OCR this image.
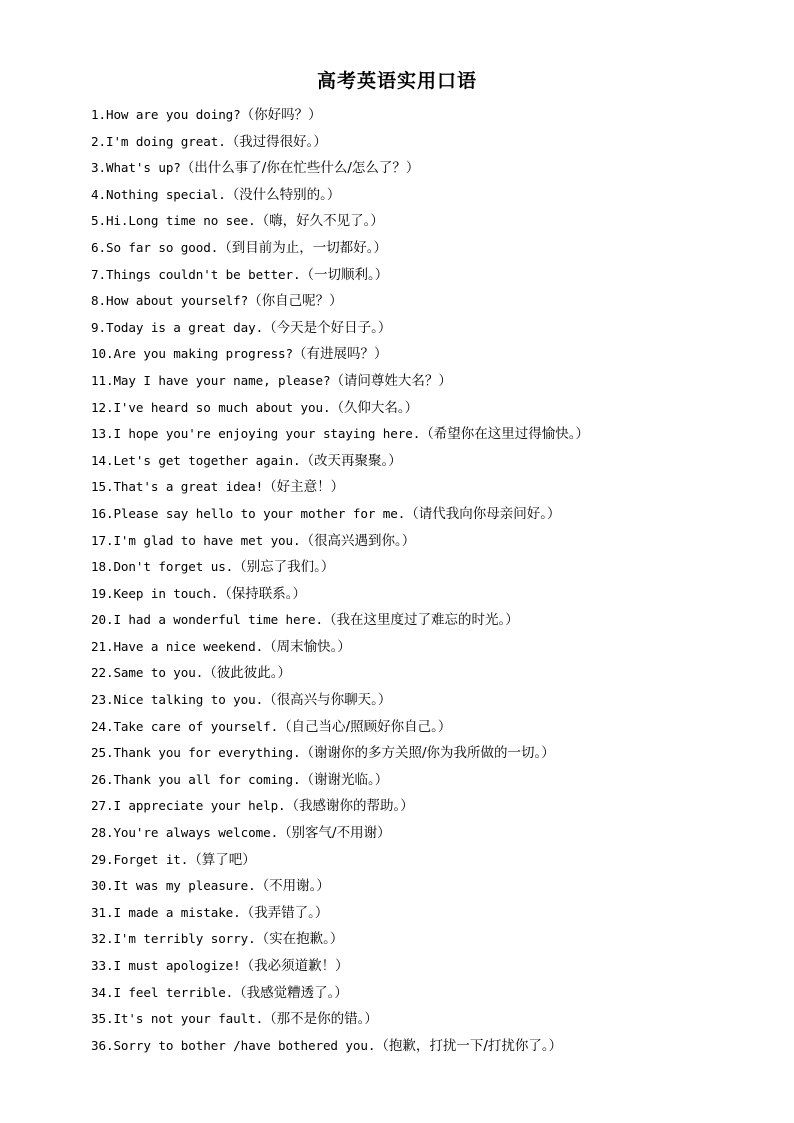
高考英语实用口语
1.How are you doing?（你好吗？）
2.I'm doing great.（我过得很好。）
3.What's up?（出什么事了/你在忙些什么/怎么了？）
4.Nothing special.（没什么特别的。）
5.Hi.Long time no see.（嗨，好久不见了。）
6.So far so good.（到目前为止，一切都好。）
7.Things couldn't be better.（一切顺利。）
8.How about yourself?（你自己呢？）
9.Today is a great day.（今天是个好日子。）
10.Are you making progress?（有进展吗？）
11.May I have your name, please?（请问尊姓大名？）
12.I've heard so much about you.（久仰大名。）
13.I hope you're enjoying your staying here.（希望你在这里过得愉快。）
14.Let's get together again.（改天再聚聚。）
15.That's a great idea!（好主意！）
16.Please say hello to your mother for me.（请代我向你母亲问好。）
17.I'm glad to have met you.（很高兴遇到你。）
18.Don't forget us.（别忘了我们。）
19.Keep in touch.（保持联系。）
20.I had a wonderful time here.（我在这里度过了难忘的时光。）
21.Have a nice weekend.（周末愉快。）
22.Same to you.（彼此彼此。）
23.Nice talking to you.（很高兴与你聊天。）
24.Take care of yourself.（自己当心/照顾好你自己。）
25.Thank you for everything.（谢谢你的多方关照/你为我所做的一切。）
26.Thank you all for coming.（谢谢光临。）
27.I appreciate your help.（我感谢你的帮助。）
28.You're always welcome.（别客气/不用谢）
29.Forget it.（算了吧）
30.It was my pleasure.（不用谢。）
31.I made a mistake.（我弄错了。）
32.I'm terribly sorry.（实在抱歉。）
33.I must apologize!（我必须道歉！）
34.I feel terrible.（我感觉糟透了。）
35.It's not your fault.（那不是你的错。）
36.Sorry to bother /have bothered you.（抱歉，打扰一下/打扰你了。）
